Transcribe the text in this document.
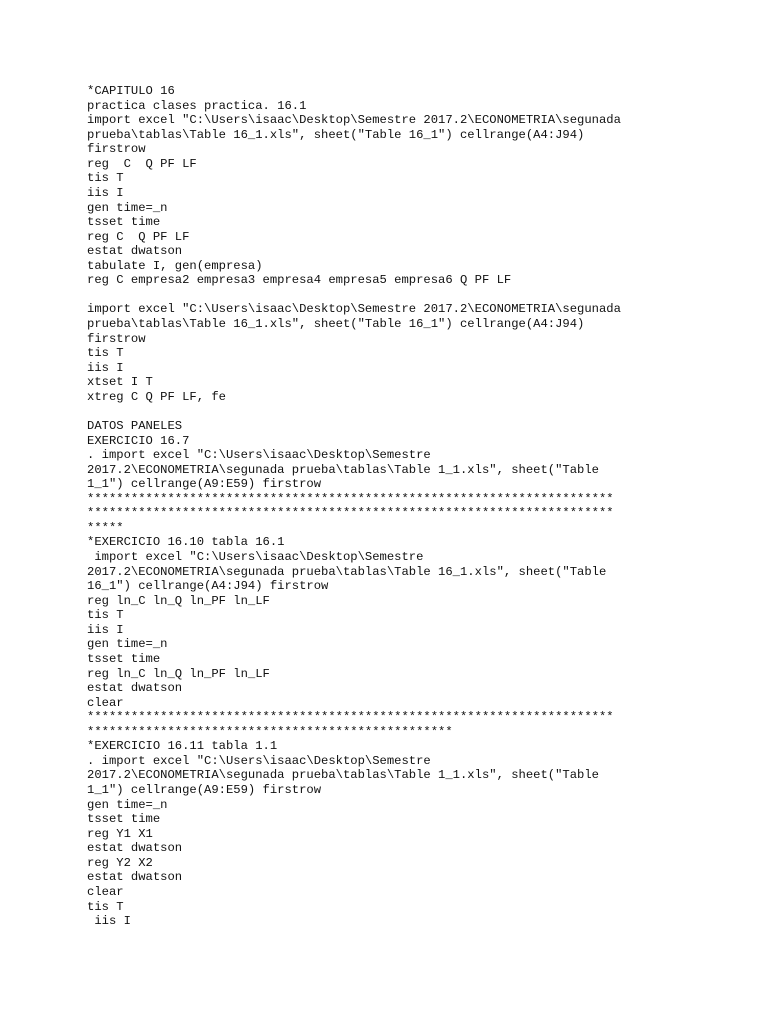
*CAPITULO 16
practica clases practica. 16.1
import excel "C:\Users\isaac\Desktop\Semestre 2017.2\ECONOMETRIA\segunada
prueba\tablas\Table 16_1.xls", sheet("Table 16_1") cellrange(A4:J94)
firstrow
reg  C  Q PF LF
tis T
iis I
gen time=_n
tsset time
reg C  Q PF LF
estat dwatson
tabulate I, gen(empresa)
reg C empresa2 empresa3 empresa4 empresa5 empresa6 Q PF LF
import excel "C:\Users\isaac\Desktop\Semestre 2017.2\ECONOMETRIA\segunada
prueba\tablas\Table 16_1.xls", sheet("Table 16_1") cellrange(A4:J94)
firstrow
tis T
iis I
xtset I T
xtreg C Q PF LF, fe
DATOS PANELES
EXERCICIO 16.7
. import excel "C:\Users\isaac\Desktop\Semestre
2017.2\ECONOMETRIA\segunada prueba\tablas\Table 1_1.xls", sheet("Table
1_1") cellrange(A9:E59) firstrow
************************************************************************
************************************************************************
*****
*EXERCICIO 16.10 tabla 16.1
import excel "C:\Users\isaac\Desktop\Semestre
2017.2\ECONOMETRIA\segunada prueba\tablas\Table 16_1.xls", sheet("Table
16_1") cellrange(A4:J94) firstrow
reg ln_C ln_Q ln_PF ln_LF
tis T
iis I
gen time=_n
tsset time
reg ln_C ln_Q ln_PF ln_LF
estat dwatson
clear
************************************************************************
**************************************************
*EXERCICIO 16.11 tabla 1.1
. import excel "C:\Users\isaac\Desktop\Semestre
2017.2\ECONOMETRIA\segunada prueba\tablas\Table 1_1.xls", sheet("Table
1_1") cellrange(A9:E59) firstrow
gen time=_n
tsset time
reg Y1 X1
estat dwatson
reg Y2 X2
estat dwatson
clear
tis T
iis I
